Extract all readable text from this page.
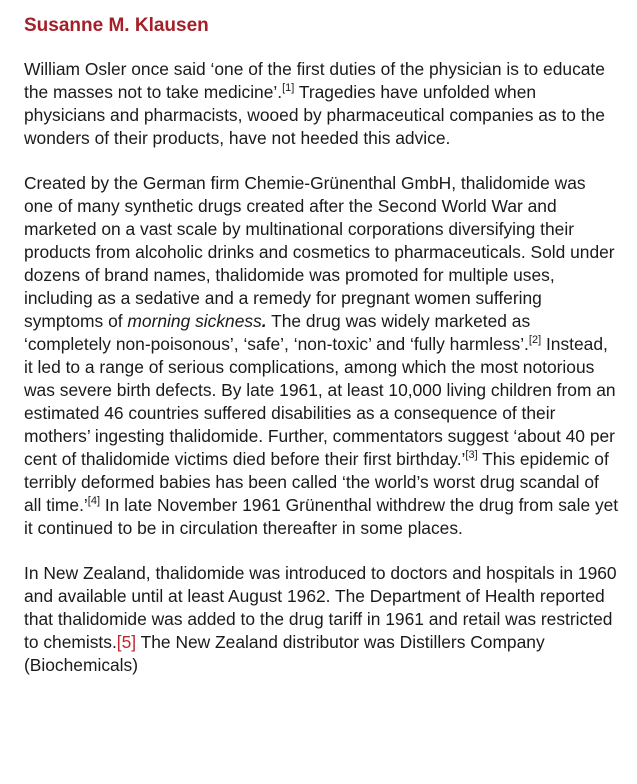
Susanne M. Klausen

William Osler once said ‘one of the first duties of the physician is to educate the masses not to take medicine’.[1] Tragedies have unfolded when physicians and pharmacists, wooed by pharmaceutical companies as to the wonders of their products, have not heeded this advice.

Created by the German firm Chemie-Grünenthal GmbH, thalidomide was one of many synthetic drugs created after the Second World War and marketed on a vast scale by multinational corporations diversifying their products from alcoholic drinks and cosmetics to pharmaceuticals. Sold under dozens of brand names, thalidomide was promoted for multiple uses, including as a sedative and a remedy for pregnant women suffering symptoms of morning sickness. The drug was widely marketed as ‘completely non-poisonous’, ‘safe’, ‘non-toxic’ and ‘fully harmless’.[2] Instead, it led to a range of serious complications, among which the most notorious was severe birth defects. By late 1961, at least 10,000 living children from an estimated 46 countries suffered disabilities as a consequence of their mothers’ ingesting thalidomide. Further, commentators suggest ‘about 40 per cent of thalidomide victims died before their first birthday.’[3] This epidemic of terribly deformed babies has been called ‘the world’s worst drug scandal of all time.’[4] In late November 1961 Grünenthal withdrew the drug from sale yet it continued to be in circulation thereafter in some places.

In New Zealand, thalidomide was introduced to doctors and hospitals in 1960 and available until at least August 1962. The Department of Health reported that thalidomide was added to the drug tariff in 1961 and retail was restricted to chemists.[5] The New Zealand distributor was Distillers Company (Biochemicals)
